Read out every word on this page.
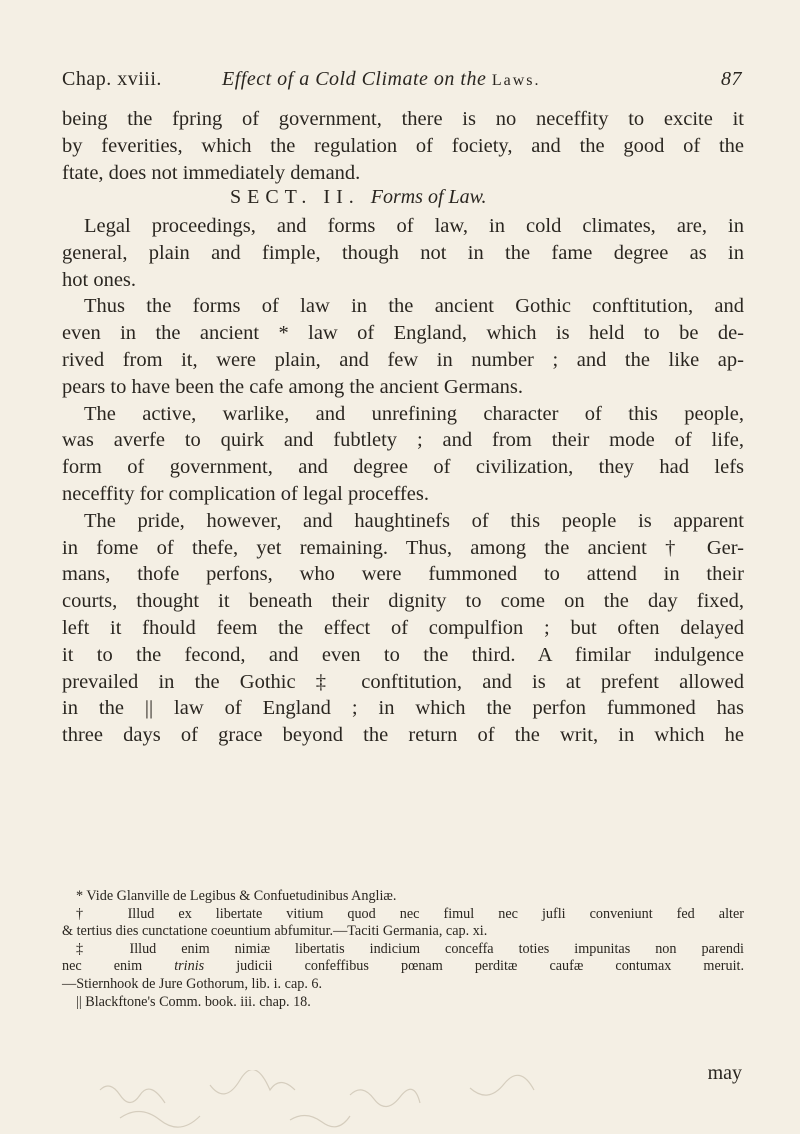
Chap. xviii.	Effect of a Cold Climate on the Laws.	87
being the fpring of government, there is no neceffity to excite it
by feverities, which the regulation of fociety, and the good of the
ftate, does not immediately demand.
SECT. II. Forms of Law.
Legal proceedings, and forms of law, in cold climates, are, in
general, plain and fimple, though not in the fame degree as in
hot ones.
Thus the forms of law in the ancient Gothic conftitution, and
even in the ancient * law of England, which is held to be de-
rived from it, were plain, and few in number ; and the like ap-
pears to have been the cafe among the ancient Germans.
The active, warlike, and unrefining character of this people,
was averfe to quirk and fubtlety ; and from their mode of life,
form of government, and degree of civilization, they had lefs
neceffity for complication of legal proceffes.
The pride, however, and haughtinefs of this people is apparent
in fome of thefe, yet remaining. Thus, among the ancient † Ger-
mans, thofe perfons, who were fummoned to attend in their
courts, thought it beneath their dignity to come on the day fixed,
left it fhould feem the effect of compulfion ; but often delayed
it to the fecond, and even to the third. A fimilar indulgence
prevailed in the Gothic ‡ conftitution, and is at prefent allowed
in the || law of England ; in which the perfon fummoned has
three days of grace beyond the return of the writ, in which he
* Vide Glanville de Legibus & Confuetudinibus Angliæ.
† Illud ex libertate vitium quod nec fimul nec jufli conveniunt fed alter
& tertius dies cunctatione coeuntium abfumitur.—Taciti Germania, cap. xi.
‡ Illud enim nimiæ libertatis indicium conceffa toties impunitas non parendi
nec enim trinis judicii confeffibus pœnam perditæ caufæ contumax meruit.
—Stiernhook de Jure Gothorum, lib. i. cap. 6.
|| Blackftone's Comm. book. iii. chap. 18.
may
